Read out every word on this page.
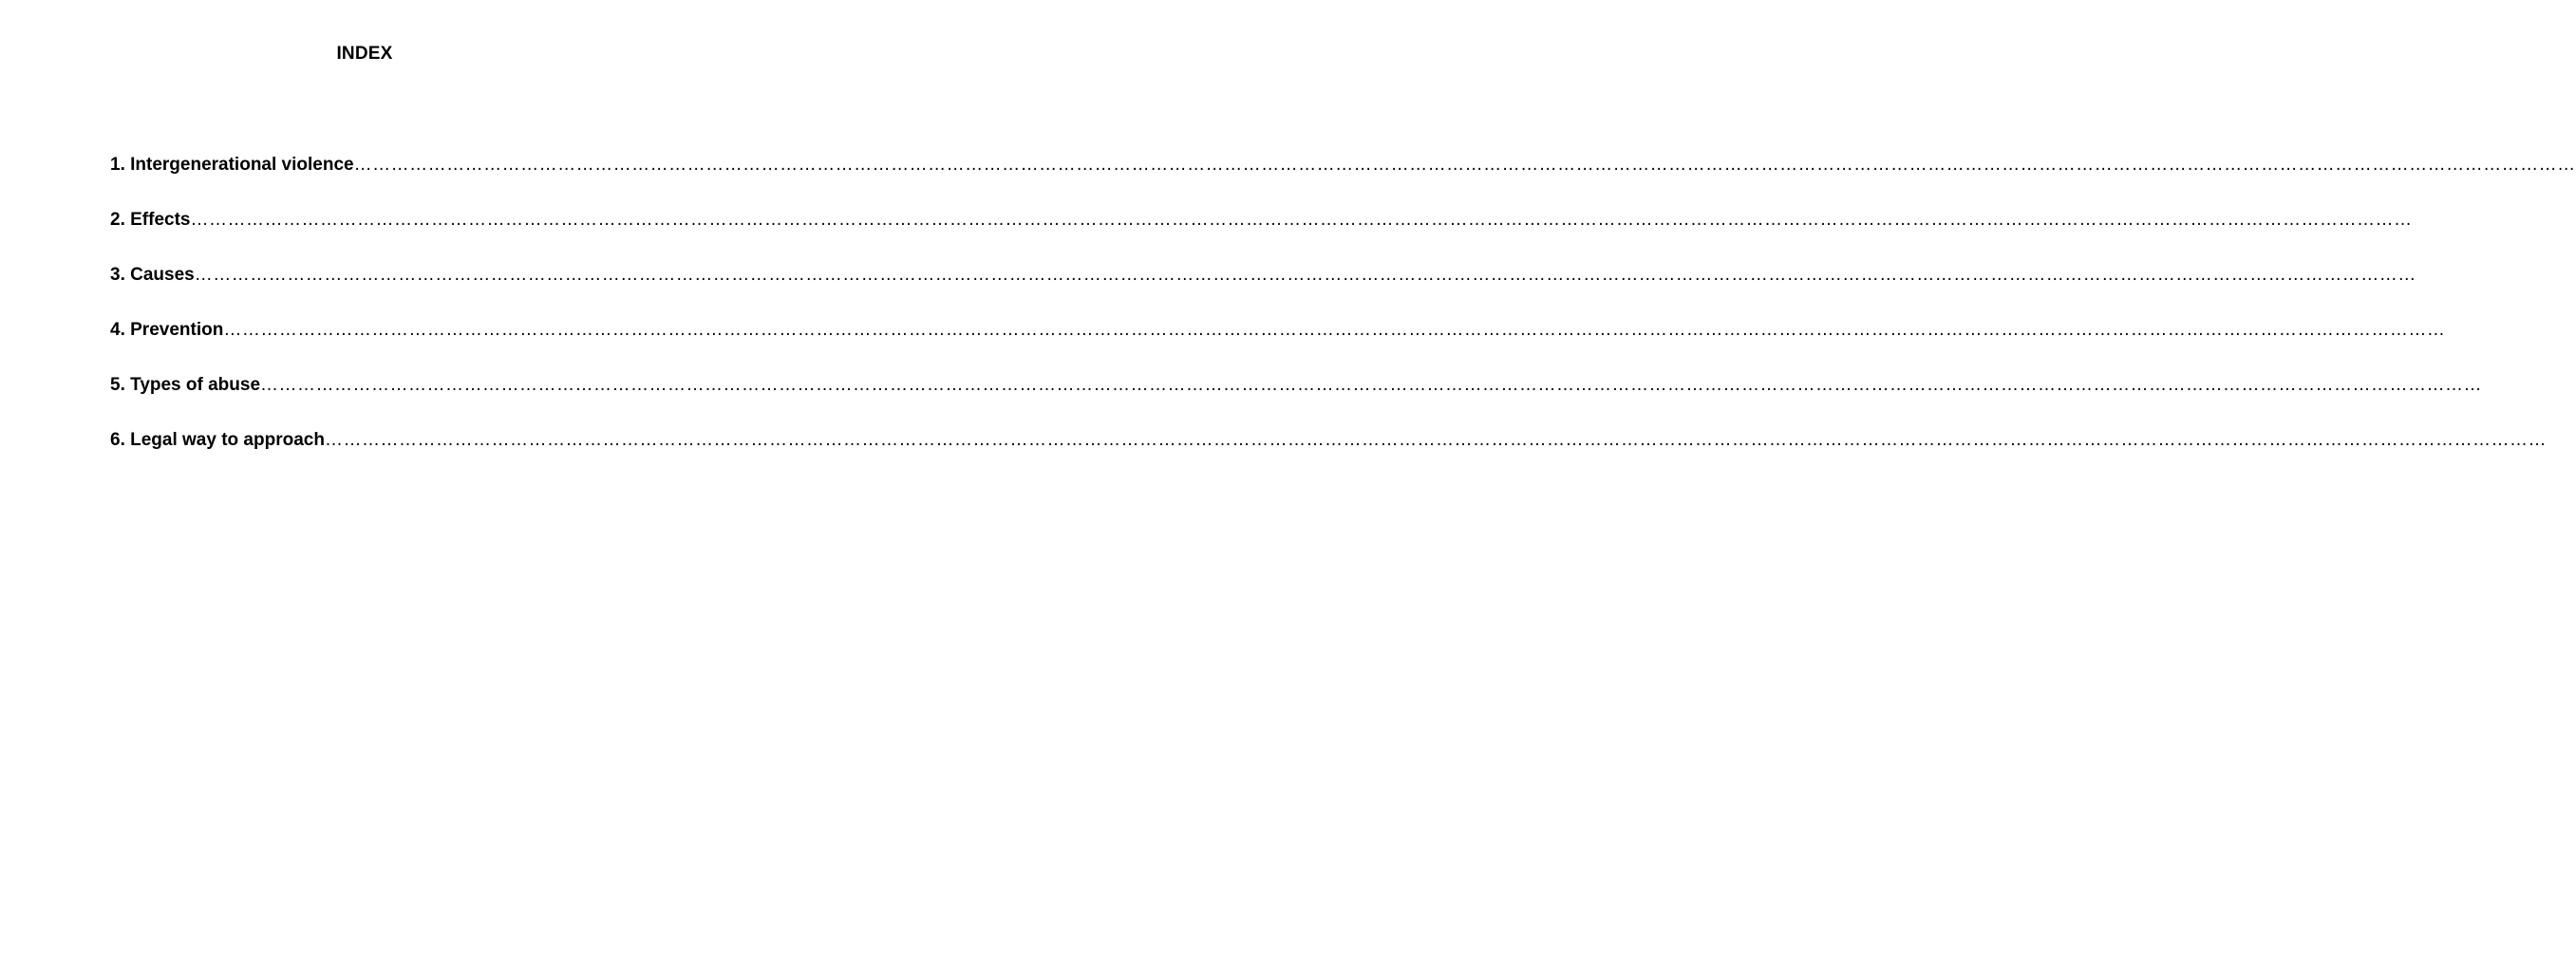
INDEX
1. Intergenerational violence ………………………………………………………………………………………………………………………………………………………………………………………………………………………………………………………………………………………………………………………………
2. Effects ………………………………………………………………………………………………………………………………………………………………………………………………………………………………………………………………………………………………………………………………
3. Causes ………………………………………………………………………………………………………………………………………………………………………………………………………………………………………………………………………………………………………………………………
4. Prevention ………………………………………………………………………………………………………………………………………………………………………………………………………………………………………………………………………………………………………………………………
5. Types of abuse ………………………………………………………………………………………………………………………………………………………………………………………………………………………………………………………………………………………………………………………………
6. Legal way to approach ………………………………………………………………………………………………………………………………………………………………………………………………………………………………………………………………………………………………………………………………
